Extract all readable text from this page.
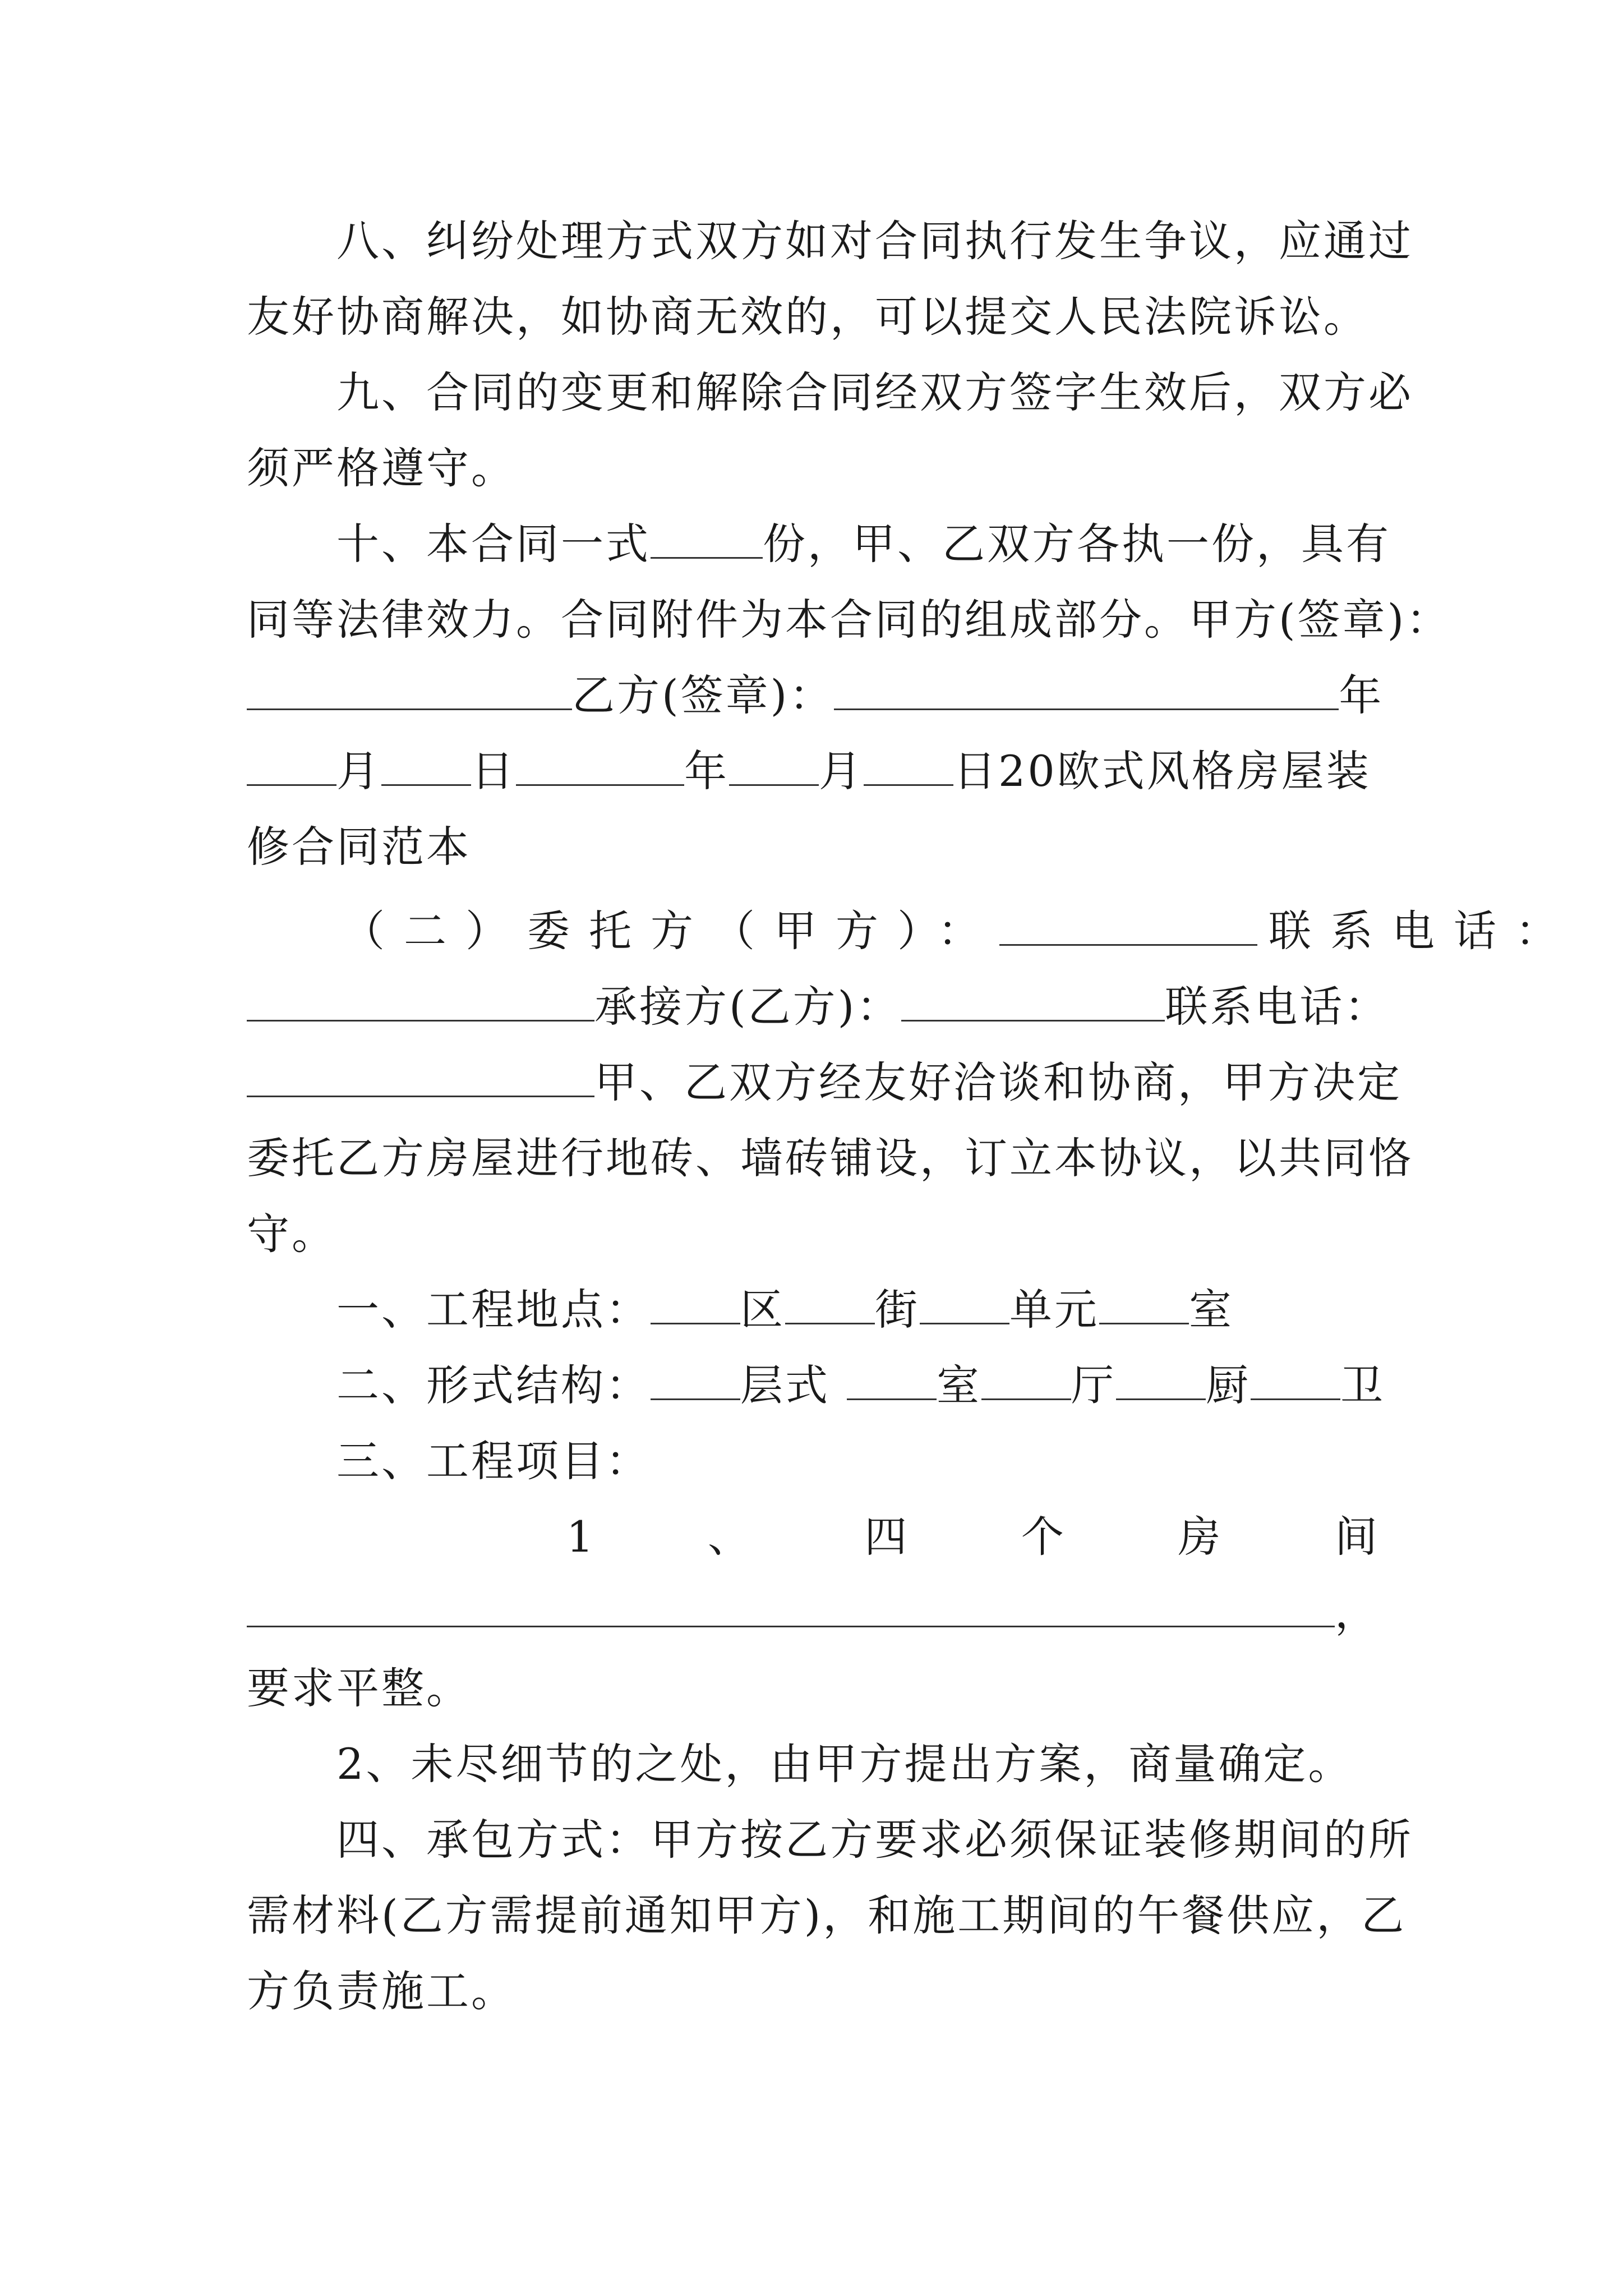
八、纠纷处理方式双方如对合同执行发生争议，应通过
友好协商解决，如协商无效的，可以提交人民法院诉讼。
九、合同的变更和解除合同经双方签字生效后，双方必
须严格遵守。
十、本合同一式	份，甲、乙双方各执一份，具有
同等法律效力。合同附件为本合同的组成部分。甲方(签章)：
乙方(签章)：	年
月 日	年 月 日20欧式风格房屋装
修合同范本
（二）委托方（甲方）：	联系电话：
承接方(乙方)：	联系电话：
甲、乙双方经友好洽谈和协商，甲方决定
委托乙方房屋进行地砖、墙砖铺设，订立本协议，以共同恪
守。
一、工程地点： 区 街 单元 室
二、形式结构： 层式	室 厅 厨 卫
三、工程项目：
1	、	四	个	房	间
，
要求平整。
2、未尽细节的之处，由甲方提出方案，商量确定。
四、承包方式：甲方按乙方要求必须保证装修期间的所
需材料(乙方需提前通知甲方)，和施工期间的午餐供应，乙
方负责施工。
